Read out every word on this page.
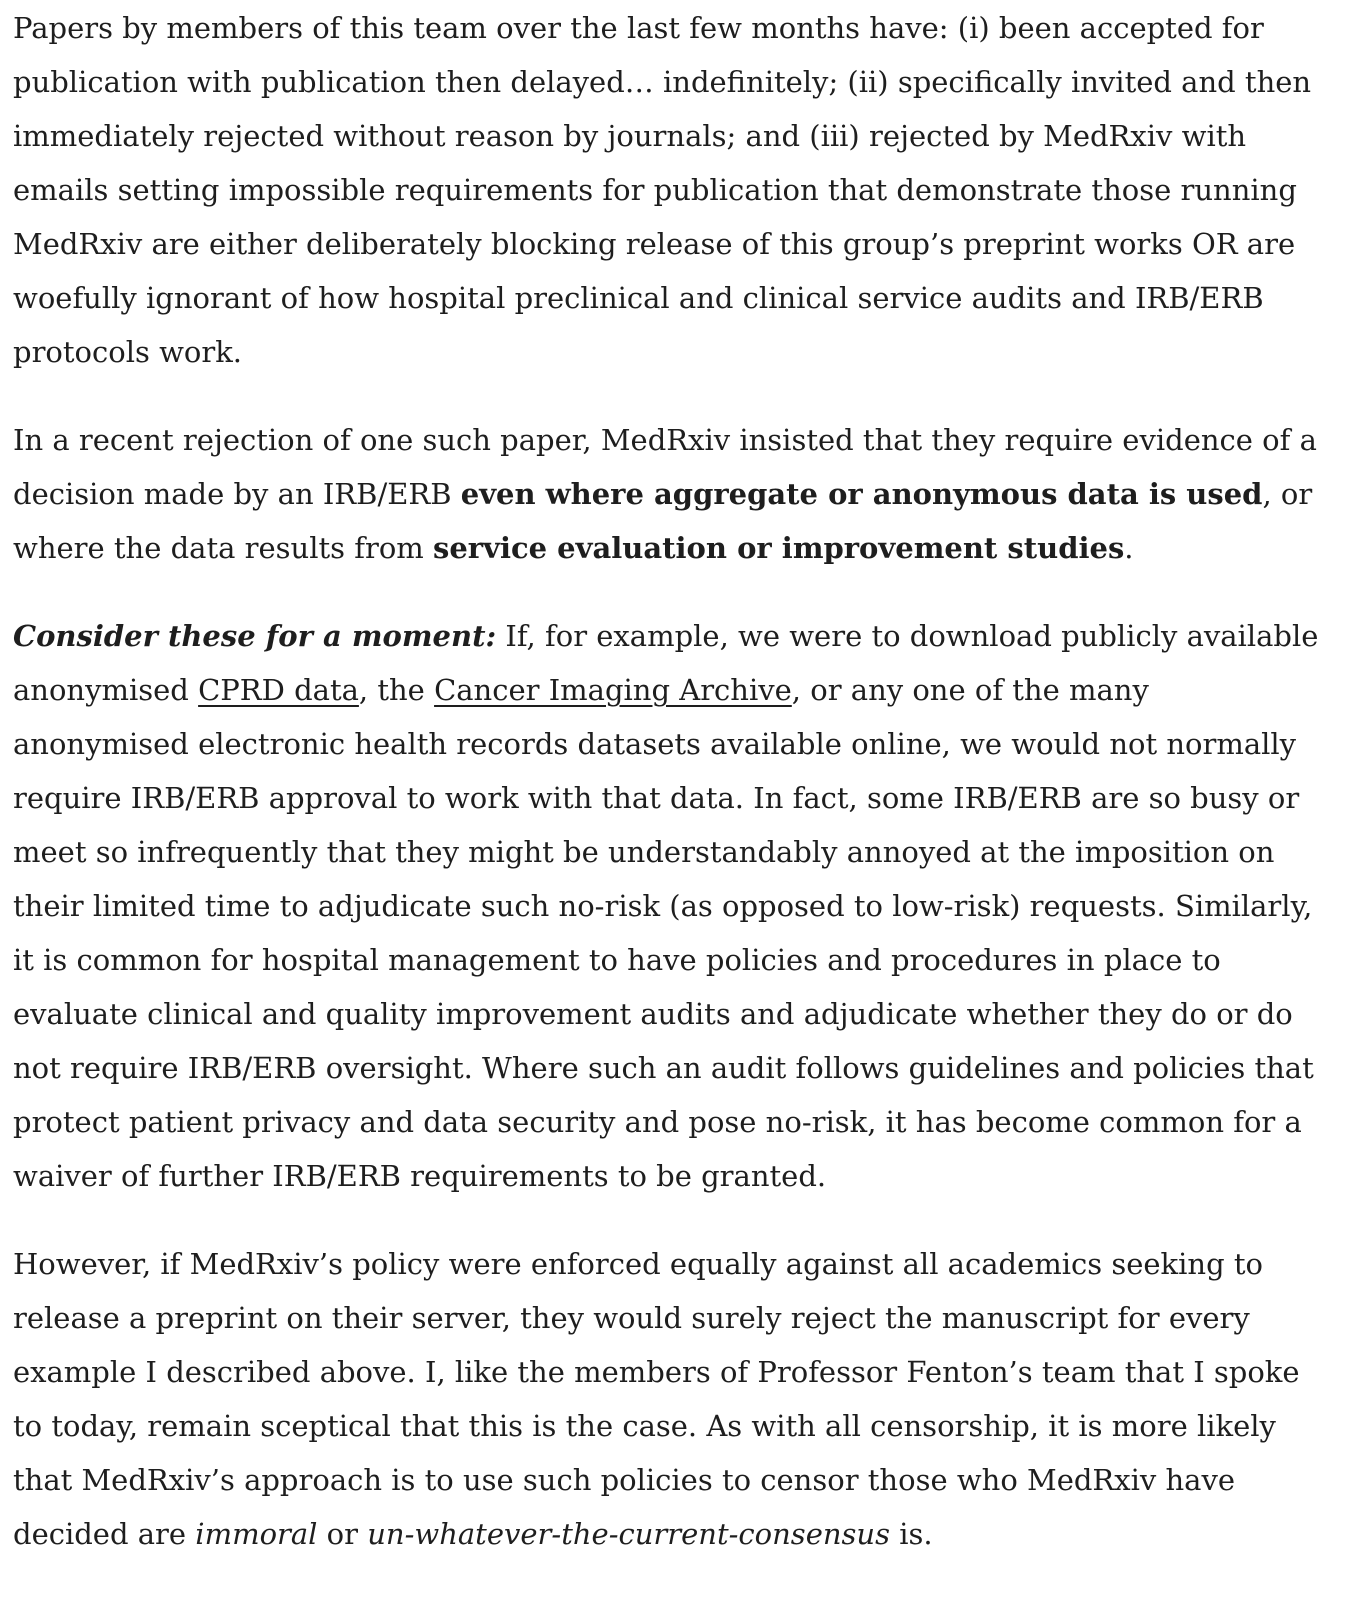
Papers by members of this team over the last few months have: (i) been accepted for publication with publication then delayed… indefinitely; (ii) specifically invited and then immediately rejected without reason by journals; and (iii) rejected by MedRxiv with emails setting impossible requirements for publication that demonstrate those running MedRxiv are either deliberately blocking release of this group’s preprint works OR are woefully ignorant of how hospital preclinical and clinical service audits and IRB/ERB protocols work.

In a recent rejection of one such paper, MedRxiv insisted that they require evidence of a decision made by an IRB/ERB even where aggregate or anonymous data is used, or where the data results from service evaluation or improvement studies.

Consider these for a moment: If, for example, we were to download publicly available anonymised CPRD data, the Cancer Imaging Archive, or any one of the many anonymised electronic health records datasets available online, we would not normally require IRB/ERB approval to work with that data. In fact, some IRB/ERB are so busy or meet so infrequently that they might be understandably annoyed at the imposition on their limited time to adjudicate such no-risk (as opposed to low-risk) requests. Similarly, it is common for hospital management to have policies and procedures in place to evaluate clinical and quality improvement audits and adjudicate whether they do or do not require IRB/ERB oversight. Where such an audit follows guidelines and policies that protect patient privacy and data security and pose no-risk, it has become common for a waiver of further IRB/ERB requirements to be granted.

However, if MedRxiv’s policy were enforced equally against all academics seeking to release a preprint on their server, they would surely reject the manuscript for every example I described above. I, like the members of Professor Fenton’s team that I spoke to today, remain sceptical that this is the case. As with all censorship, it is more likely that MedRxiv’s approach is to use such policies to censor those who MedRxiv have decided are immoral or un-whatever-the-current-consensus is.
